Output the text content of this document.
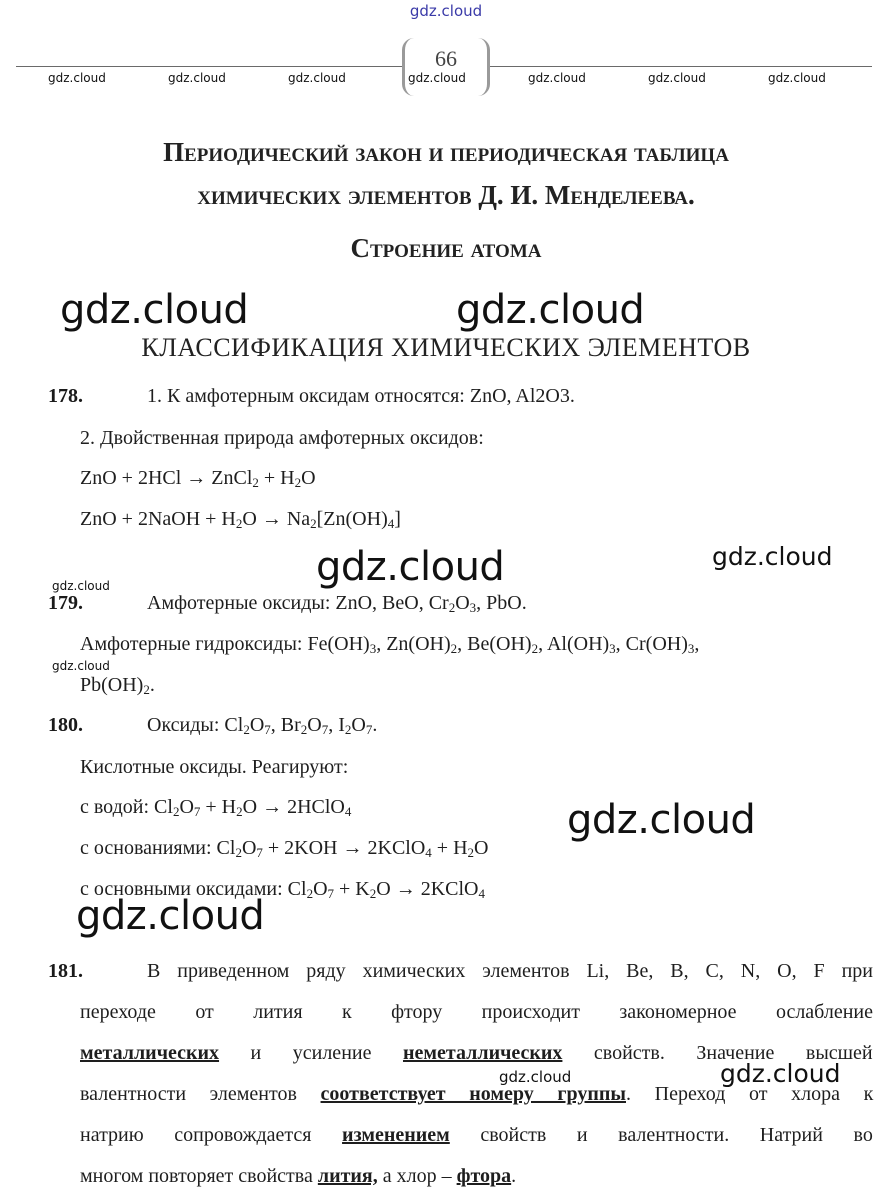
gdz.cloud
66
gdz.cloud	gdz.cloud	gdz.cloud	gdz.cloud	gdz.cloud	gdz.cloud	gdz.cloud
Периодический закон и периодическая таблица
химических элементов Д. И. Менделеева.
Строение атома
gdz.cloud	gdz.cloud
КЛАССИФИКАЦИЯ ХИМИЧЕСКИХ ЭЛЕМЕНТОВ
178.	1. К амфотерным оксидам относятся: ZnO, Al2O3.
2. Двойственная природа амфотерных оксидов:
ZnO + 2HCl → ZnCl$_2$ + $H_2O$
ZnO + 2NaOH + $H_2O \to Na_2[Zn(OH)_4]$
gdz.cloud	gdz.cloud
gdz.cloud
179.	Амфотерные оксиды: ZnO, BeO, $Cr_2O_3$, PbO.
Амфотерные гидроксиды: $Fe(OH)_3$, $Zn(OH)_2$, $Be(OH)_2$, $Al(OH)_3$, $Cr(OH)_3$,
gdz.cloud
$Pb(OH)_2$.
180.	Оксиды: $Cl_2O_7$, $Br_2O_7$, $I_2O_7$.
Кислотные оксиды. Реагируют:
с водой: $Cl_2O_7 + H_2O$ → 2HClO$_4$	gdz.cloud
с основаниями: $Cl_2O_7 + 2KOH$ → 2KClO$_4$ + $H_2O$
с основными оксидами: $Cl_2O_7 + K_2O$ → 2KClO$_4$
gdz.cloud
181.	В приведенном ряду химических элементов Li, Be, B, C, N, O, F при
переходе от лития к фтору происходит закономерное ослабление
металлических и усиление неметаллических свойств. Значение высшей
gdz.cloud	gdz.cloud
валентности элементов соответствует номеру группы. Переход от хлора к
натрию сопровождается изменением свойств и валентности. Натрий во
многом повторяет свойства лития, а хлор – фтора.
